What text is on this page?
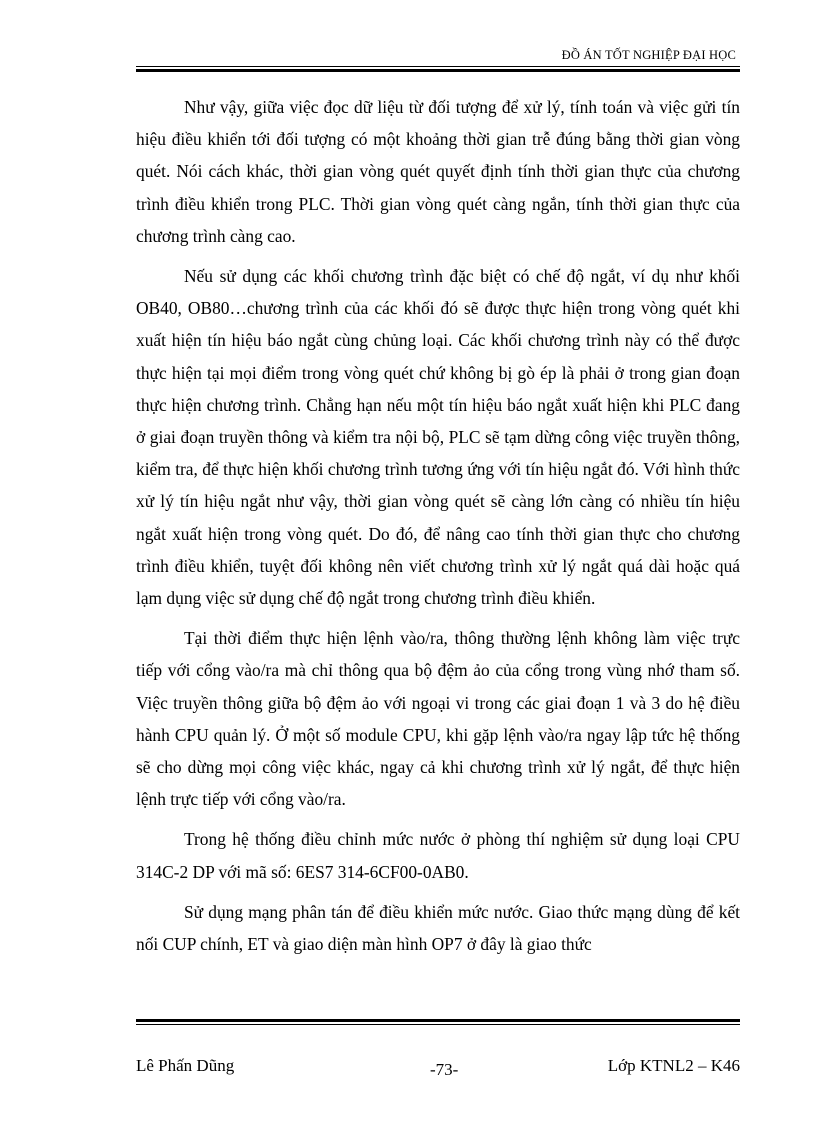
ĐỒ ÁN TỐT NGHIỆP ĐẠI HỌC

Như vậy, giữa việc đọc dữ liệu từ đối tượng để xử lý, tính toán và việc gửi tín hiệu điều khiển tới đối tượng có một khoảng thời gian trễ đúng bằng thời gian vòng quét. Nói cách khác, thời gian vòng quét quyết định tính thời gian thực của chương trình điều khiển trong PLC. Thời gian vòng quét càng ngắn, tính thời gian thực của chương trình càng cao.

Nếu sử dụng các khối chương trình đặc biệt có chế độ ngắt, ví dụ như khối OB40, OB80…chương trình của các khối đó sẽ được thực hiện trong vòng quét khi xuất hiện tín hiệu báo ngắt cùng chủng loại. Các khối chương trình này có thể được thực hiện tại mọi điểm trong vòng quét chứ không bị gò ép là phải ở trong gian đoạn thực hiện chương trình. Chẳng hạn nếu một tín hiệu báo ngắt xuất hiện khi PLC đang ở giai đoạn truyền thông và kiểm tra nội bộ, PLC sẽ tạm dừng công việc truyền thông, kiểm tra, để thực hiện khối chương trình tương ứng với tín hiệu ngắt đó. Với hình thức xử lý tín hiệu ngắt như vậy, thời gian vòng quét sẽ càng lớn càng có nhiều tín hiệu ngắt xuất hiện trong vòng quét. Do đó, để nâng cao tính thời gian thực cho chương trình điều khiển, tuyệt đối không nên viết chương trình xử lý ngắt quá dài hoặc quá lạm dụng việc sử dụng chế độ ngắt trong chương trình điều khiển.

Tại thời điểm thực hiện lệnh vào/ra, thông thường lệnh không làm việc trực tiếp với cổng vào/ra mà chỉ thông qua bộ đệm ảo của cổng trong vùng nhớ tham số. Việc truyền thông giữa bộ đệm ảo với ngoại vi trong các giai đoạn 1 và 3 do hệ điều hành CPU quản lý. Ở một số module CPU, khi gặp lệnh vào/ra ngay lập tức hệ thống sẽ cho dừng mọi công việc khác, ngay cả khi chương trình xử lý ngắt, để thực hiện lệnh trực tiếp với cổng vào/ra.

Trong hệ thống điều chỉnh mức nước ở phòng thí nghiệm sử dụng loại CPU 314C-2 DP với mã số: 6ES7 314-6CF00-0AB0.

Sử dụng mạng phân tán để điều khiển mức nước. Giao thức mạng dùng để kết nối CUP chính, ET và giao diện màn hình OP7 ở đây là giao thức

Lê Phấn Dũng	-73-	Lớp KTNL2 – K46
